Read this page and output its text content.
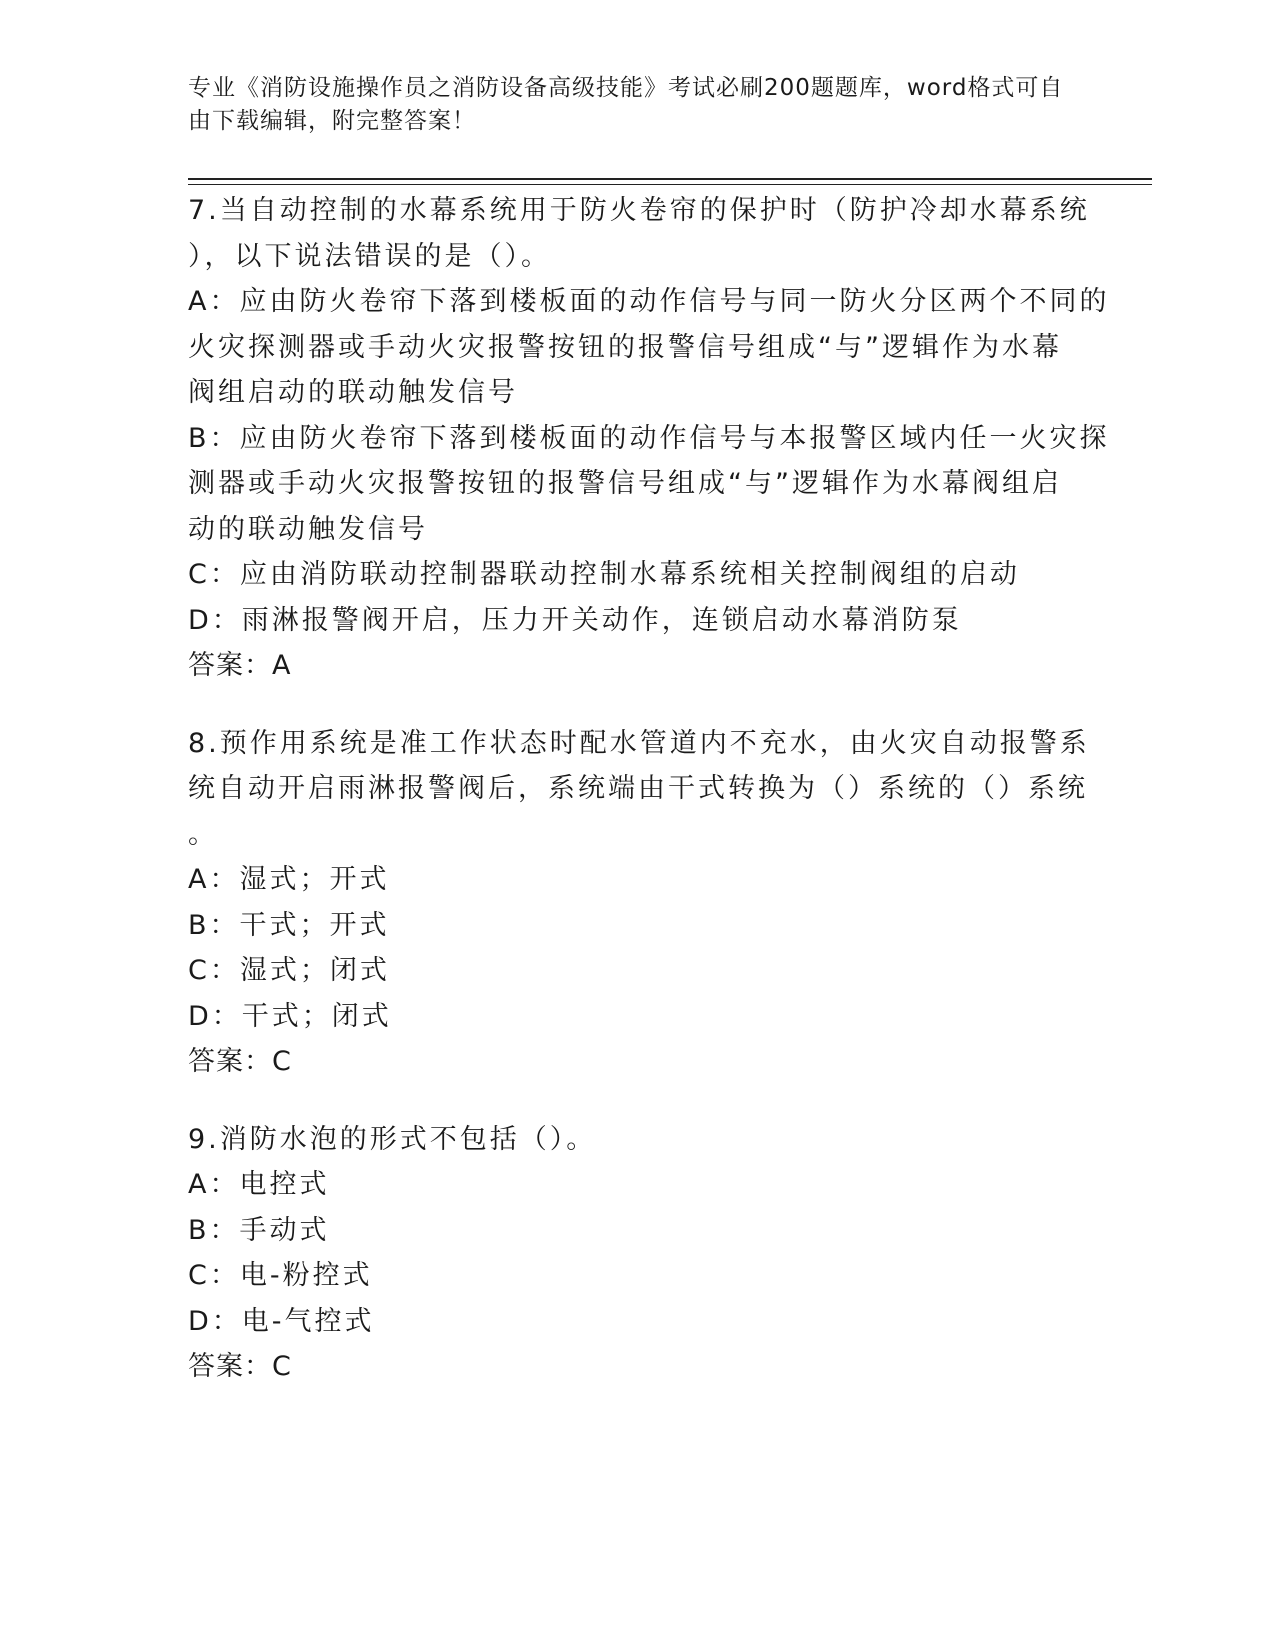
专业《消防设施操作员之消防设备高级技能》考试必刷200题题库，word格式可自由下载编辑，附完整答案！
7.当自动控制的水幕系统用于防火卷帘的保护时（防护冷却水幕系统
），以下说法错误的是（）。
A：应由防火卷帘下落到楼板面的动作信号与同一防火分区两个不同的
火灾探测器或手动火灾报警按钮的报警信号组成“与”逻辑作为水幕
阀组启动的联动触发信号
B：应由防火卷帘下落到楼板面的动作信号与本报警区域内任一火灾探
测器或手动火灾报警按钮的报警信号组成“与”逻辑作为水幕阀组启
动的联动触发信号
C：应由消防联动控制器联动控制水幕系统相关控制阀组的启动
D：雨淋报警阀开启，压力开关动作，连锁启动水幕消防泵
答案：A
8.预作用系统是准工作状态时配水管道内不充水，由火灾自动报警系
统自动开启雨淋报警阀后，系统端由干式转换为（）系统的（）系统
。
A：湿式；开式
B：干式；开式
C：湿式；闭式
D：干式；闭式
答案：C
9.消防水泡的形式不包括（）。
A：电控式
B：手动式
C：电-粉控式
D：电-气控式
答案：C
